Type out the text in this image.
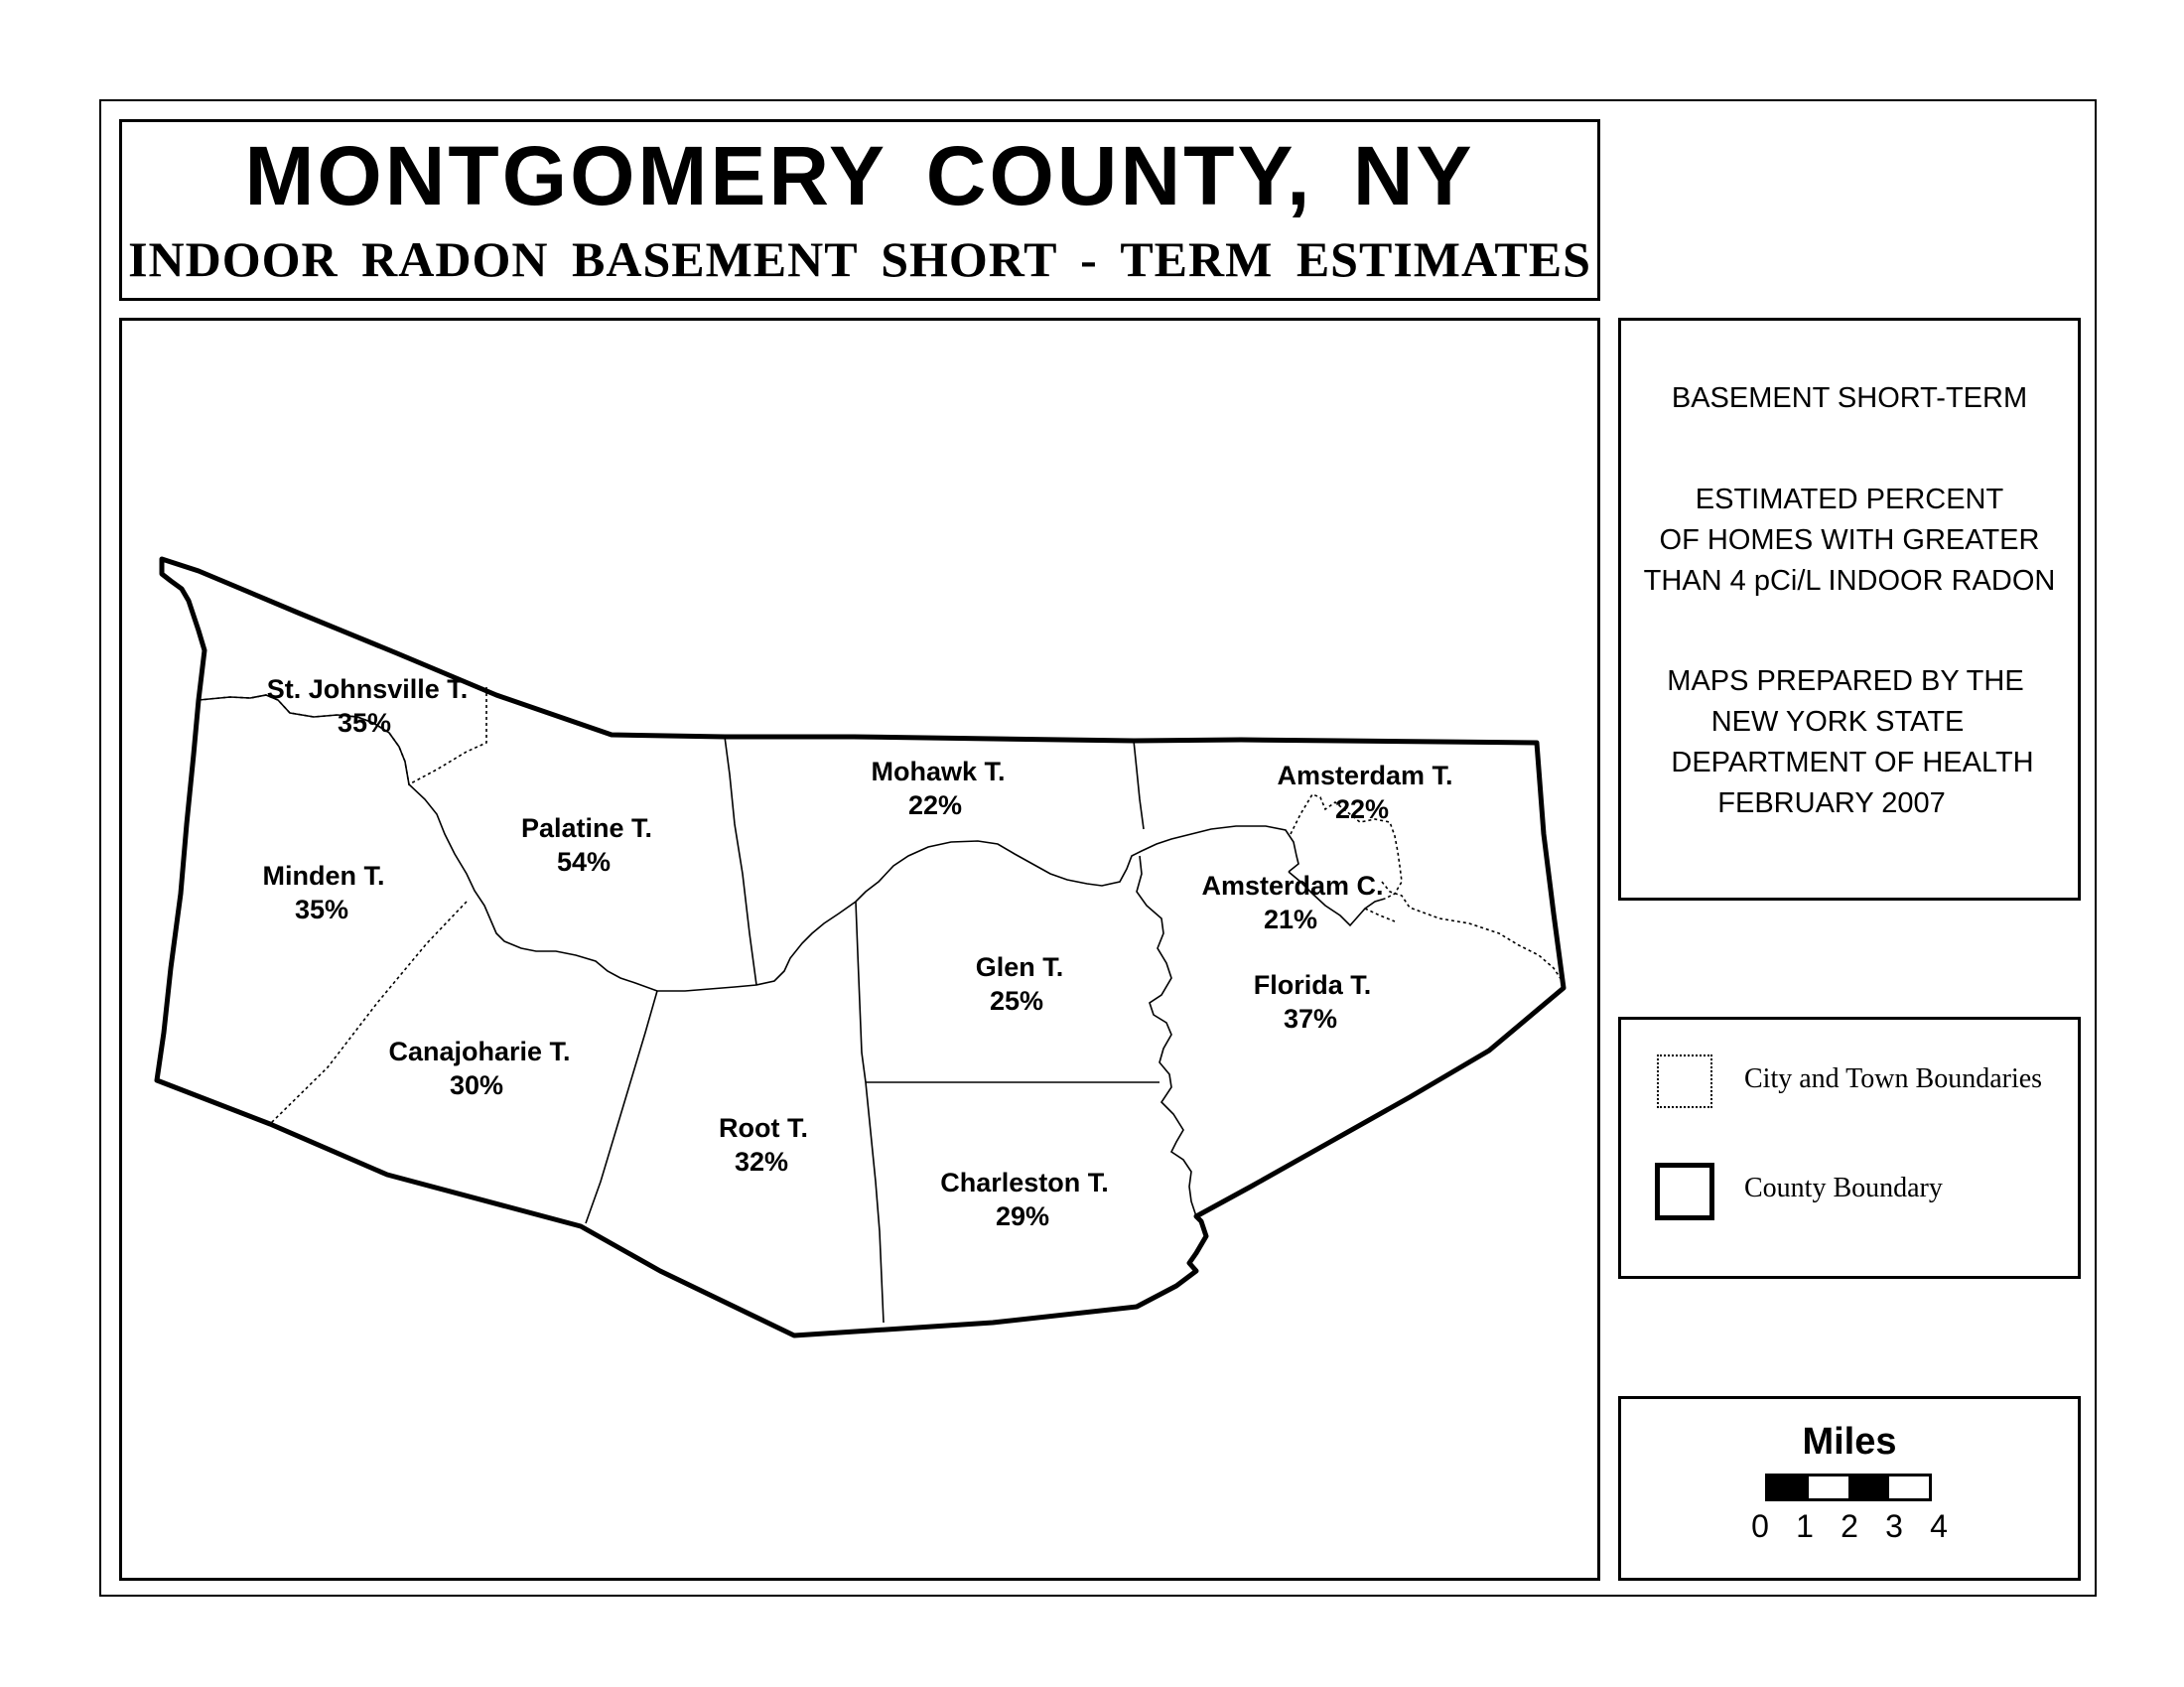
MONTGOMERY COUNTY, NY
INDOOR RADON BASEMENT SHORT - TERM ESTIMATES
St. Johnsville T.
35%
Palatine T.
54%
Minden T.
35%
Canajoharie T.
30%
Mohawk T.
22%
Amsterdam T.
22%
Amsterdam C.
21%
Glen T.
25%
Florida T.
37%
Root T.
32%
Charleston T.
29%
BASEMENT SHORT-TERM
ESTIMATED PERCENT
OF HOMES WITH GREATER
THAN 4 pCi/L INDOOR RADON
MAPS PREPARED BY THE
NEW YORK STATE
DEPARTMENT OF HEALTH
FEBRUARY 2007
City and Town Boundaries
County Boundary
Miles
0 1 2 3 4
